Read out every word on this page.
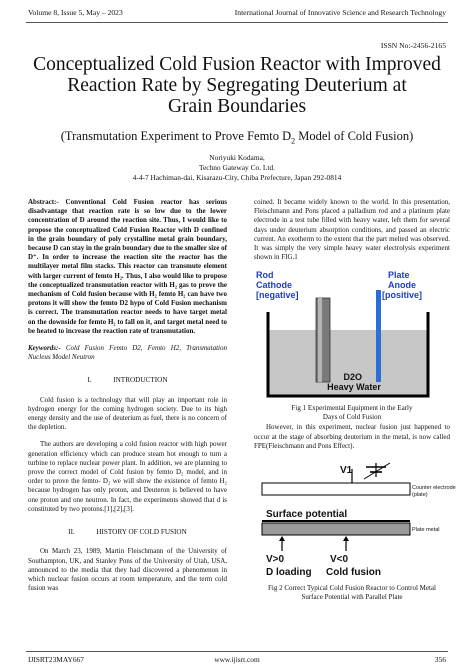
Volume 8, Issue 5, May – 2023	International Journal of Innovative Science and Research Technology
ISSN No:-2456-2165
Conceptualized Cold Fusion Reactor with Improved
Reaction Rate by Segregating Deuterium at
Grain Boundaries
(Transmutation Experiment to Prove Femto $D_2$ Model of Cold Fusion)
Noriyuki Kodama,
Techno Gateway Co. Ltd.
4-4-7 Hachiman-dai, Kisarazu-City, Chiba Prefecture, Japan 292-0814
Abstract:- Conventional Cold Fusion reactor has serious disadvantage that reaction rate is so low due to the lower concentration of D around the reaction site. Thus, I would like to propose the conceptualized Cold Fusion Reactor with D confined in the grain boundary of poly crystalline metal grain boundary, because D can stay in the grain boundary due to the smaller size of D⁺. In order to increase the reaction site the reactor has the multilayer metal film stacks. This reactor can transmute element with larger current of femto H₂. Thus, I also would like to propose the conceptualized transmutation reactor with H₂ gas to prove the mechanism of Cold fusion because with H₂ femto H₂ can have two protons it will show the femto D2 hypo of Cold Fusion mechanism is correct. The transmutation reactor needs to have target metal on the downside for femto H₂ to fall on it, and target metal need to be heated to increase the reaction rate of transmutation.
Keywords:- Cold Fusion Femto D2, Femto H2, Transmutation Nucleus Model Neutron
I.   INTRODUCTION
Cold fusion is a technology that will play an important role in hydrogen energy for the coming hydrogen society. Due to its high energy density and the use of deuterium as fuel, there is no concern of the depletion.
The authors are developing a cold fusion reactor with high power generation efficiency which can produce steam hot enough to turn a turbine to replace nuclear power plant. In addition, we are planning to prove the correct model of Cold fusion by femto D₂ model, and in order to prove the femto- D₂ we will show the existence of femto H₂ because hydrogen has only proton, and Deuteron is believed to have one proton and one neutron. In fact, the experiments showed that d is constituted by two protons.[1],[2],[3].
II.   HISTORY OF COLD FUSION
On March 23, 1989, Martin Fleischmann of the University of Southampton, UK, and Stanley Pons of the University of Utah, USA, announced to the media that they had discovered a phenomenon in which nuclear fusion occurs at room temperature, and the term cold fusion was
coined. It became widely known to the world. In this presentation, Fleischmann and Pons placed a palladium rod and a platinum plate electrode in a test tube filled with heavy water, left them for several days under deuterium absorption conditions, and passed an electric current. An exotherm to the extent that the part melted was observed. It was simply the very simple heavy water electrolysis experiment shown in FIG.1
Rod Cathode [negative]
Plate Anode [positive]
D2O Heavy Water
Fig 1 Experimental Equipment in the Early
Days of Cold Fusion
However, in this experiment, nuclear fusion just happened to occur at the stage of absorbing deuterium in the metal, is now called FPE(Fleischmann and Pons Effect).
V1
Counter electrode (plate)
Surface potential
Plate metal
V>0	V<0
D loading Cold fusion
Fig 2 Correct Typical Cold Fusion Reactor to Control Metal
Surface Potential with Parallel Plate
IJISRT23MAY667	www.ijisrt.com	356
